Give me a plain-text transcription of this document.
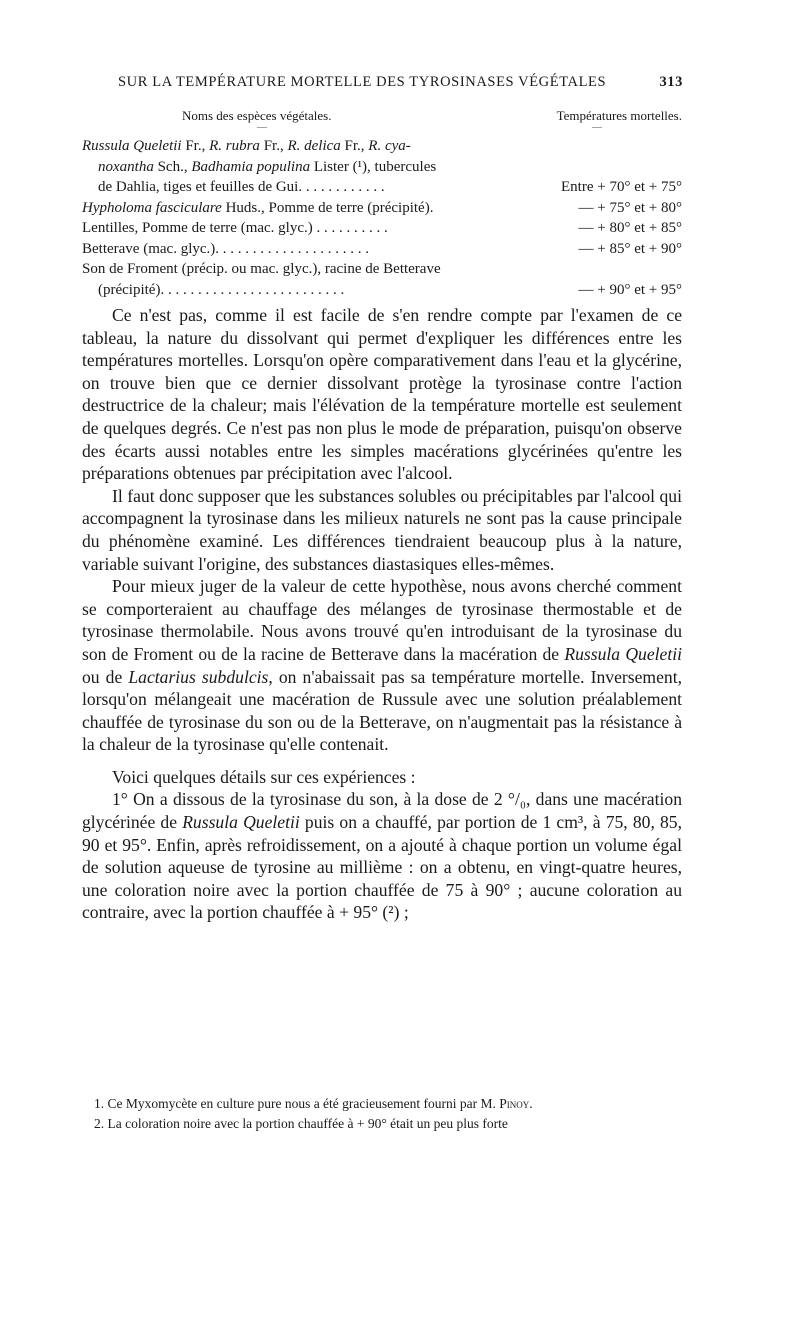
SUR LA TEMPÉRATURE MORTELLE DES TYROSINASES VÉGÉTALES	313
Noms des espèces végétales.	Températures mortelles.
—	—
Russula Queletii Fr., R. rubra Fr., R. delica Fr., R. cya-
noxantha Sch., Badhamia populina Lister (¹), tubercules
de Dahlia, tiges et feuilles de Gui. . . . . . . . . . . .	Entre + 70° et + 75°
Hypholoma fasciculare Huds., Pomme de terre (précipité).	— + 75° et + 80°
Lentilles, Pomme de terre (mac. glyc.) . . . . . . . . . .	— + 80° et + 85°
Betterave (mac. glyc.). . . . . . . . . . . . . . . . . . . . .	— + 85° et + 90°
Son de Froment (précip. ou mac. glyc.), racine de Betterave
(précipité). . . . . . . . . . . . . . . . . . . . . . . . .	— + 90° et + 95°

Ce n'est pas, comme il est facile de s'en rendre compte par l'examen de ce tableau, la nature du dissolvant qui permet d'expliquer les différences entre les températures mortelles. Lorsqu'on opère comparativement dans l'eau et la glycérine, on trouve bien que ce dernier dissolvant protège la tyrosinase contre l'action destructrice de la chaleur; mais l'élévation de la température mortelle est seulement de quelques degrés. Ce n'est pas non plus le mode de préparation, puisqu'on observe des écarts aussi notables entre les simples macérations glycérinées qu'entre les préparations obtenues par précipitation avec l'alcool.

Il faut donc supposer que les substances solubles ou précipitables par l'alcool qui accompagnent la tyrosinase dans les milieux naturels ne sont pas la cause principale du phénomène examiné. Les différences tiendraient beaucoup plus à la nature, variable suivant l'origine, des substances diastasiques elles-mêmes.

Pour mieux juger de la valeur de cette hypothèse, nous avons cherché comment se comporteraient au chauffage des mélanges de tyrosinase thermostable et de tyrosinase thermolabile. Nous avons trouvé qu'en introduisant de la tyrosinase du son de Froment ou de la racine de Betterave dans la macération de Russula Queletii ou de Lactarius subdulcis, on n'abaissait pas sa température mortelle. Inversement, lorsqu'on mélangeait une macération de Russule avec une solution préalablement chauffée de tyrosinase du son ou de la Betterave, on n'augmentait pas la résistance à la chaleur de la tyrosinase qu'elle contenait.

Voici quelques détails sur ces expériences :

1° On a dissous de la tyrosinase du son, à la dose de 2 °/₀, dans une macération glycérinée de Russula Queletii puis on a chauffé, par portion de 1 cm³, à 75, 80, 85, 90 et 95°. Enfin, après refroidissement, on a ajouté à chaque portion un volume égal de solution aqueuse de tyrosine au millième : on a obtenu, en vingt-quatre heures, une coloration noire avec la portion chauffée de 75 à 90° ; aucune coloration au contraire, avec la portion chauffée à + 95° (²) ;

1. Ce Myxomycète en culture pure nous a été gracieusement fourni par M. Pinoy.

2. La coloration noire avec la portion chauffée à + 90° était un peu plus forte
